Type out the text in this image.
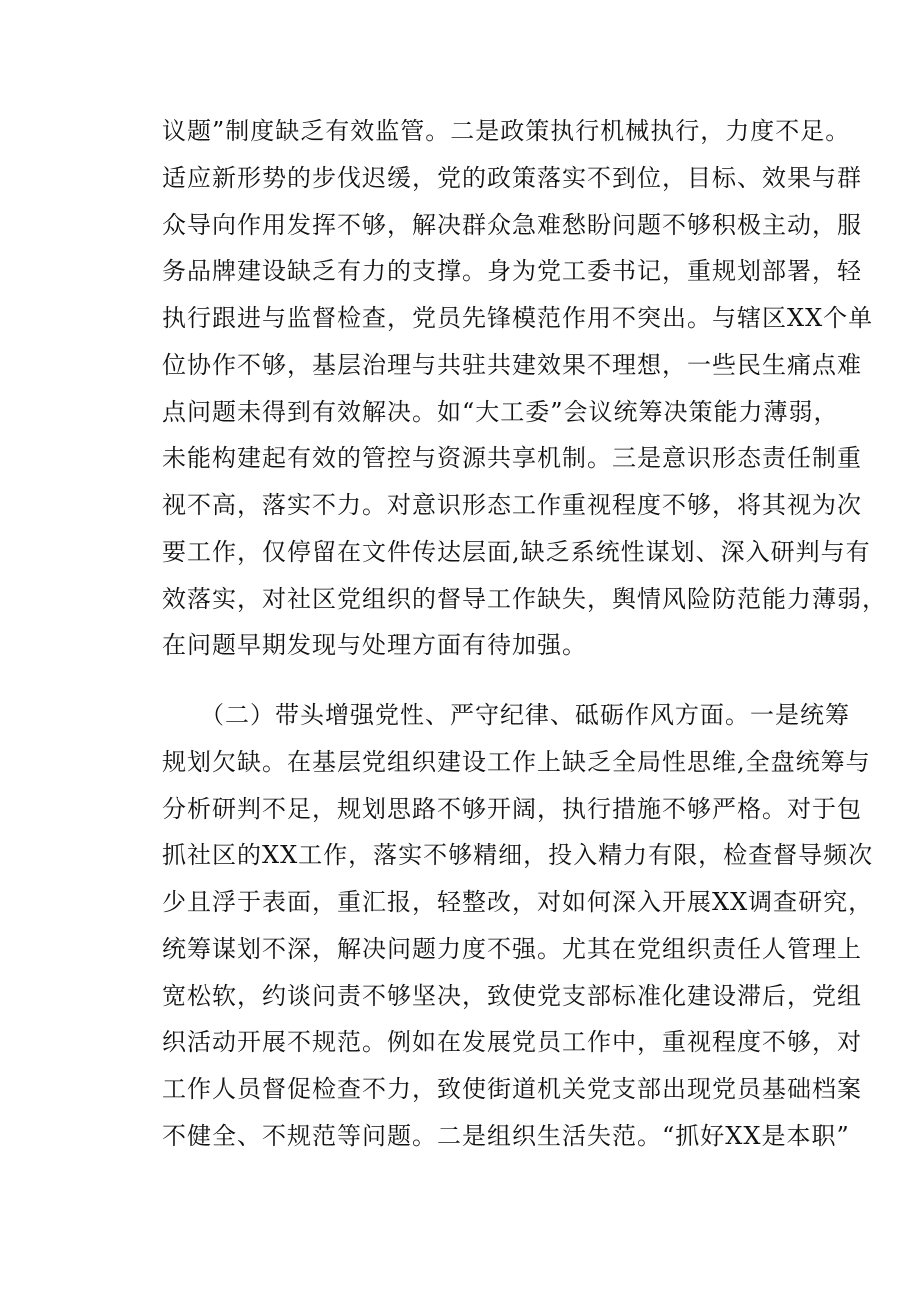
议题”制度缺乏有效监管。二是政策执行机械执行，力度不足。
适应新形势的步伐迟缓，党的政策落实不到位，目标、效果与群
众导向作用发挥不够，解决群众急难愁盼问题不够积极主动，服
务品牌建设缺乏有力的支撑。身为党工委书记，重规划部署，轻
执行跟进与监督检查，党员先锋模范作用不突出。与辖区XX个单
位协作不够，基层治理与共驻共建效果不理想，一些民生痛点难
点问题未得到有效解决。如“大工委”会议统筹决策能力薄弱，
未能构建起有效的管控与资源共享机制。三是意识形态责任制重
视不高，落实不力。对意识形态工作重视程度不够，将其视为次
要工作，仅停留在文件传达层面,缺乏系统性谋划、深入研判与有
效落实，对社区党组织的督导工作缺失，舆情风险防范能力薄弱，
在问题早期发现与处理方面有待加强。

　　（二）带头增强党性、严守纪律、砥砺作风方面。一是统筹
规划欠缺。在基层党组织建设工作上缺乏全局性思维,全盘统筹与
分析研判不足，规划思路不够开阔，执行措施不够严格。对于包
抓社区的XX工作，落实不够精细，投入精力有限，检查督导频次
少且浮于表面，重汇报，轻整改，对如何深入开展XX调查研究，
统筹谋划不深，解决问题力度不强。尤其在党组织责任人管理上
宽松软，约谈问责不够坚决，致使党支部标准化建设滞后，党组
织活动开展不规范。例如在发展党员工作中，重视程度不够，对
工作人员督促检查不力，致使街道机关党支部出现党员基础档案
不健全、不规范等问题。二是组织生活失范。“抓好XX是本职”
